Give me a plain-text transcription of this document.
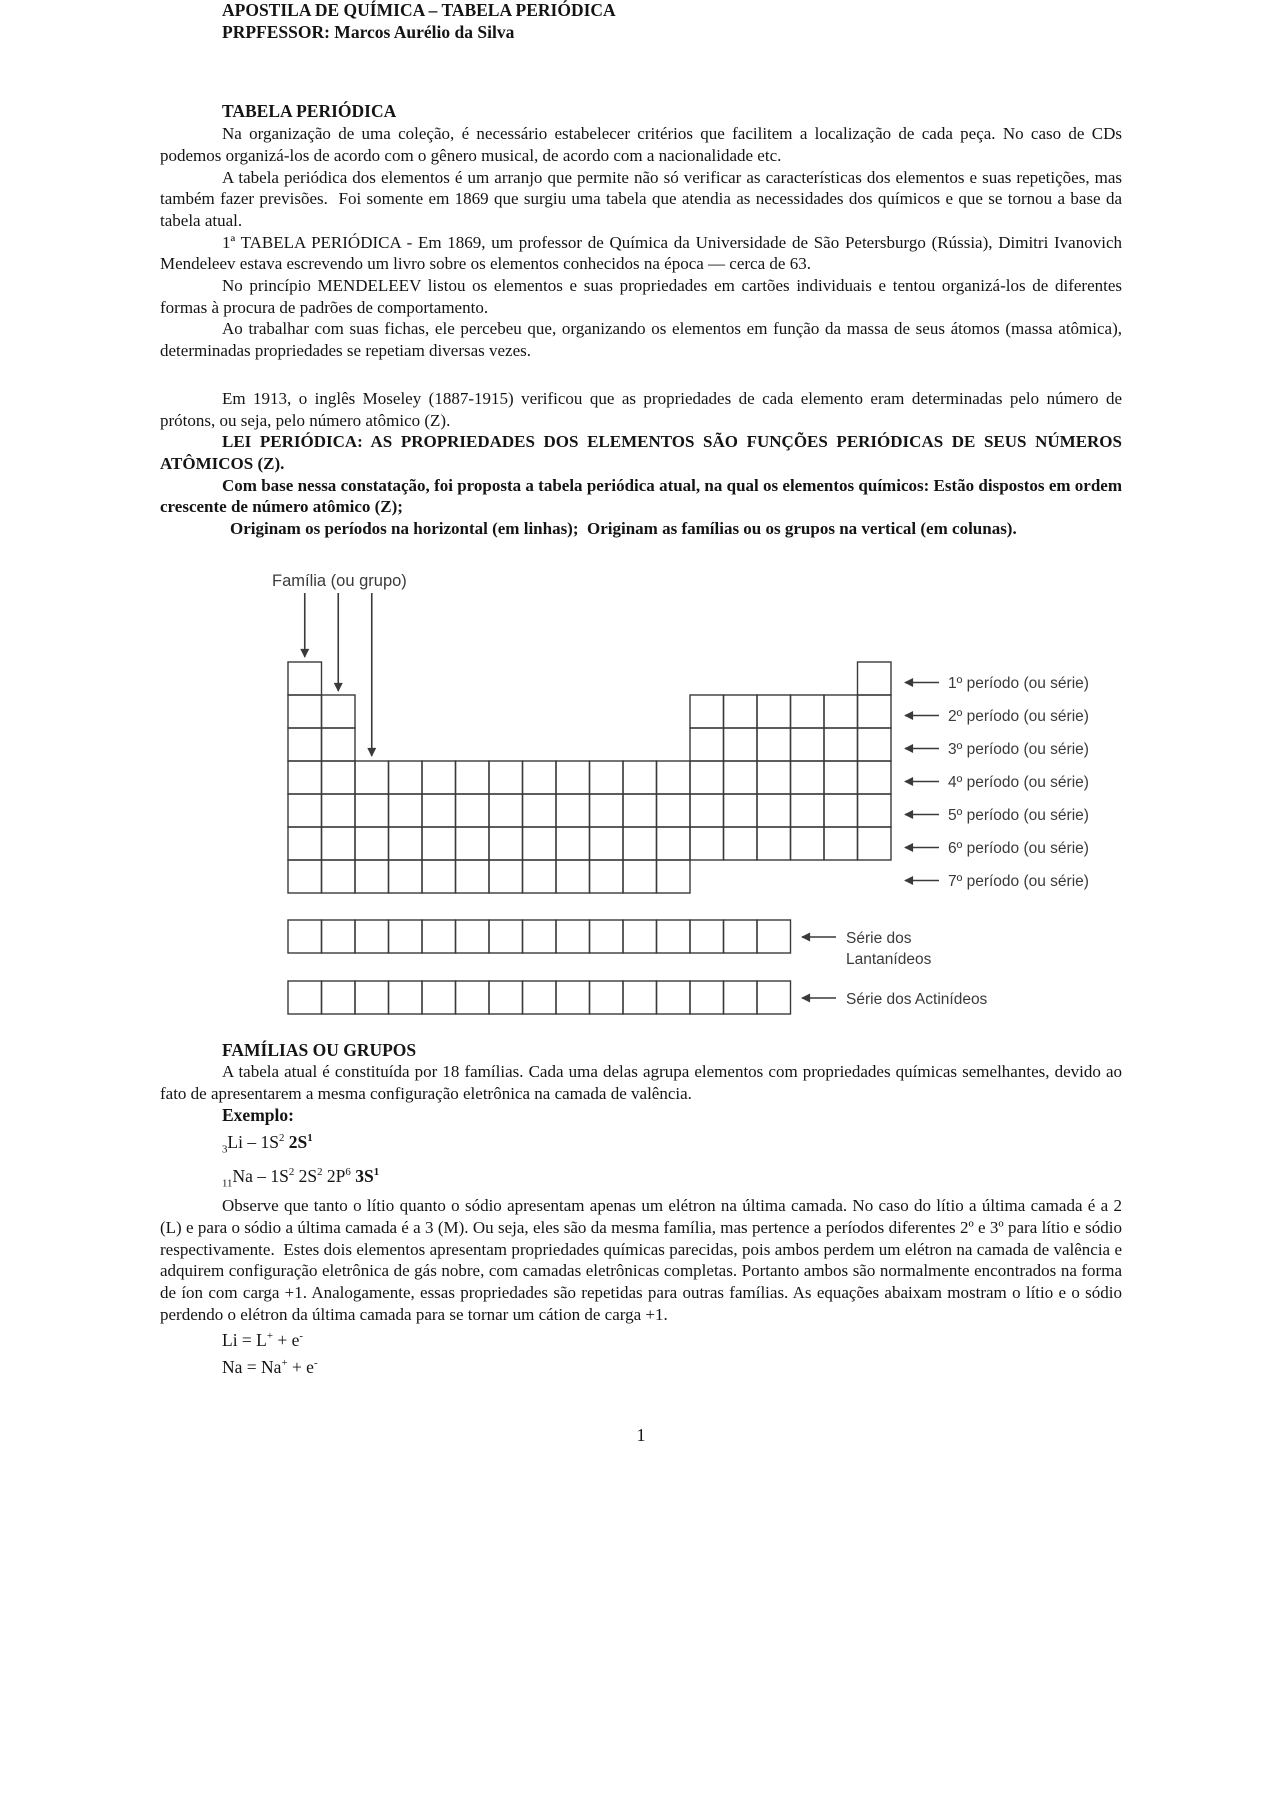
APOSTILA DE QUÍMICA – TABELA PERIÓDICA

PRPFESSOR: Marcos Aurélio da Silva

TABELA PERIÓDICA

Na organização de uma coleção, é necessário estabelecer critérios que facilitem a localização de cada peça. No caso de CDs podemos organizá-los de acordo com o gênero musical, de acordo com a nacionalidade etc.

A tabela periódica dos elementos é um arranjo que permite não só verificar as características dos elementos e suas repetições, mas também fazer previsões.  Foi somente em 1869 que surgiu uma tabela que atendia as necessidades dos químicos e que se tornou a base da tabela atual.

1ª TABELA PERIÓDICA - Em 1869, um professor de Química da Universidade de São Petersburgo (Rússia), Dimitri Ivanovich Mendeleev estava escrevendo um livro sobre os elementos conhecidos na época — cerca de 63.

No princípio MENDELEEV listou os elementos e suas propriedades em cartões individuais e tentou organizá-los de diferentes formas à procura de padrões de comportamento.

Ao trabalhar com suas fichas, ele percebeu que, organizando os elementos em função da massa de seus átomos (massa atômica), determinadas propriedades se repetiam diversas vezes.

Em 1913, o inglês Moseley (1887-1915) verificou que as propriedades de cada elemento eram determinadas pelo número de prótons, ou seja, pelo número atômico (Z).

LEI PERIÓDICA: AS PROPRIEDADES DOS ELEMENTOS SÃO FUNÇÕES PERIÓDICAS DE SEUS NÚMEROS ATÔMICOS (Z).

Com base nessa constatação, foi proposta a tabela periódica atual, na qual os elementos químicos: Estão dispostos em ordem crescente de número atômico (Z);

Originam os períodos na horizontal (em linhas);  Originam as famílias ou os grupos na vertical (em colunas).

Família (ou grupo)
1º período (ou série)
2º período (ou série)
3º período (ou série)
4º período (ou série)
5º período (ou série)
6º período (ou série)
7º período (ou série)
Série dos
Lantanídeos
Série dos Actinídeos

FAMÍLIAS OU GRUPOS

A tabela atual é constituída por 18 famílias. Cada uma delas agrupa elementos com propriedades químicas semelhantes, devido ao fato de apresentarem a mesma configuração eletrônica na camada de valência.

Exemplo:

$_3Li - 1S^2$ $2S^1$

$_{11}Na - 1S^2$ $2S^2$ $2P^6$ $3S^1$

Observe que tanto o lítio quanto o sódio apresentam apenas um elétron na última camada. No caso do lítio a última camada é a 2 (L) e para o sódio a última camada é a 3 (M). Ou seja, eles são da mesma família, mas pertence a períodos diferentes 2º e 3º para lítio e sódio respectivamente.  Estes dois elementos apresentam propriedades químicas parecidas, pois ambos perdem um elétron na camada de valência e adquirem configuração eletrônica de gás nobre, com camadas eletrônicas completas. Portanto ambos são normalmente encontrados na forma de íon com carga +1. Analogamente, essas propriedades são repetidas para outras famílias. As equações abaixam mostram o lítio e o sódio perdendo o elétron da última camada para se tornar um cátion de carga +1.

Li = L+ + e-

Na = Na+ + e-

1
